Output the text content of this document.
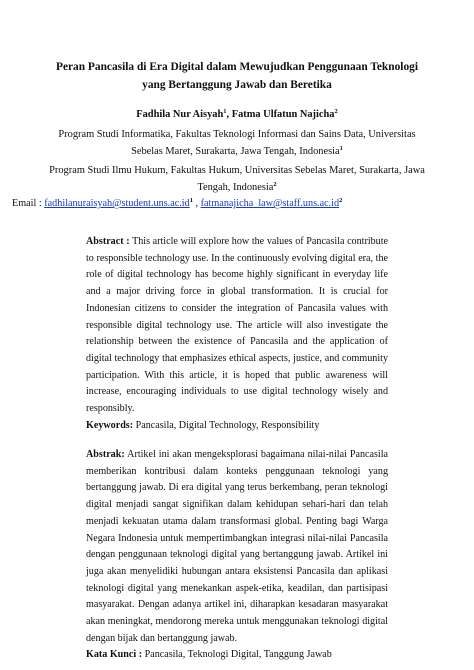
Peran Pancasila di Era Digital dalam Mewujudkan Penggunaan Teknologi
yang Bertanggung Jawab dan Beretika
Fadhila Nur Aisyah$^1$, Fatma Ulfatun Najicha$^2$
Program Studi Informatika, Fakultas Teknologi Informasi dan Sains Data, Universitas
Sebelas Maret, Surakarta, Jawa Tengah, Indonesia$^1$
Program Studi Ilmu Hukum, Fakultas Hukum, Universitas Sebelas Maret, Surakarta, Jawa
Tengah, Indonesia$^2$
Email : $fadhilanuraisyah@student.uns.ac.id^1$ , $fatmanajicha\_law@staff.uns.ac.id^2$
Abstract : This article will explore how the values of Pancasila contribute to responsible technology use. In the continuously evolving digital era, the role of digital technology has become highly significant in everyday life and a major driving force in global transformation. It is crucial for Indonesian citizens to consider the integration of Pancasila values with responsible digital technology use. The article will also investigate the relationship between the existence of Pancasila and the application of digital technology that emphasizes ethical aspects, justice, and community participation. With this article, it is hoped that public awareness will increase, encouraging individuals to use digital technology wisely and responsibly.
Keywords: Pancasila, Digital Technology, Responsibility
Abstrak: Artikel ini akan mengeksplorasi bagaimana nilai-nilai Pancasila memberikan kontribusi dalam konteks penggunaan teknologi yang bertanggung jawab. Di era digital yang terus berkembang, peran teknologi digital menjadi sangat signifikan dalam kehidupan sehari-hari dan telah menjadi kekuatan utama dalam transformasi global. Penting bagi Warga Negara Indonesia untuk mempertimbangkan integrasi nilai-nilai Pancasila dengan penggunaan teknologi digital yang bertanggung jawab. Artikel ini juga akan menyelidiki hubungan antara eksistensi Pancasila dan aplikasi teknologi digital yang menekankan aspek-etika, keadilan, dan partisipasi masyarakat. Dengan adanya artikel ini, diharapkan kesadaran masyarakat akan meningkat, mendorong mereka untuk menggunakan teknologi digital dengan bijak dan bertanggung jawab.
Kata Kunci : Pancasila, Teknologi Digital, Tanggung Jawab
